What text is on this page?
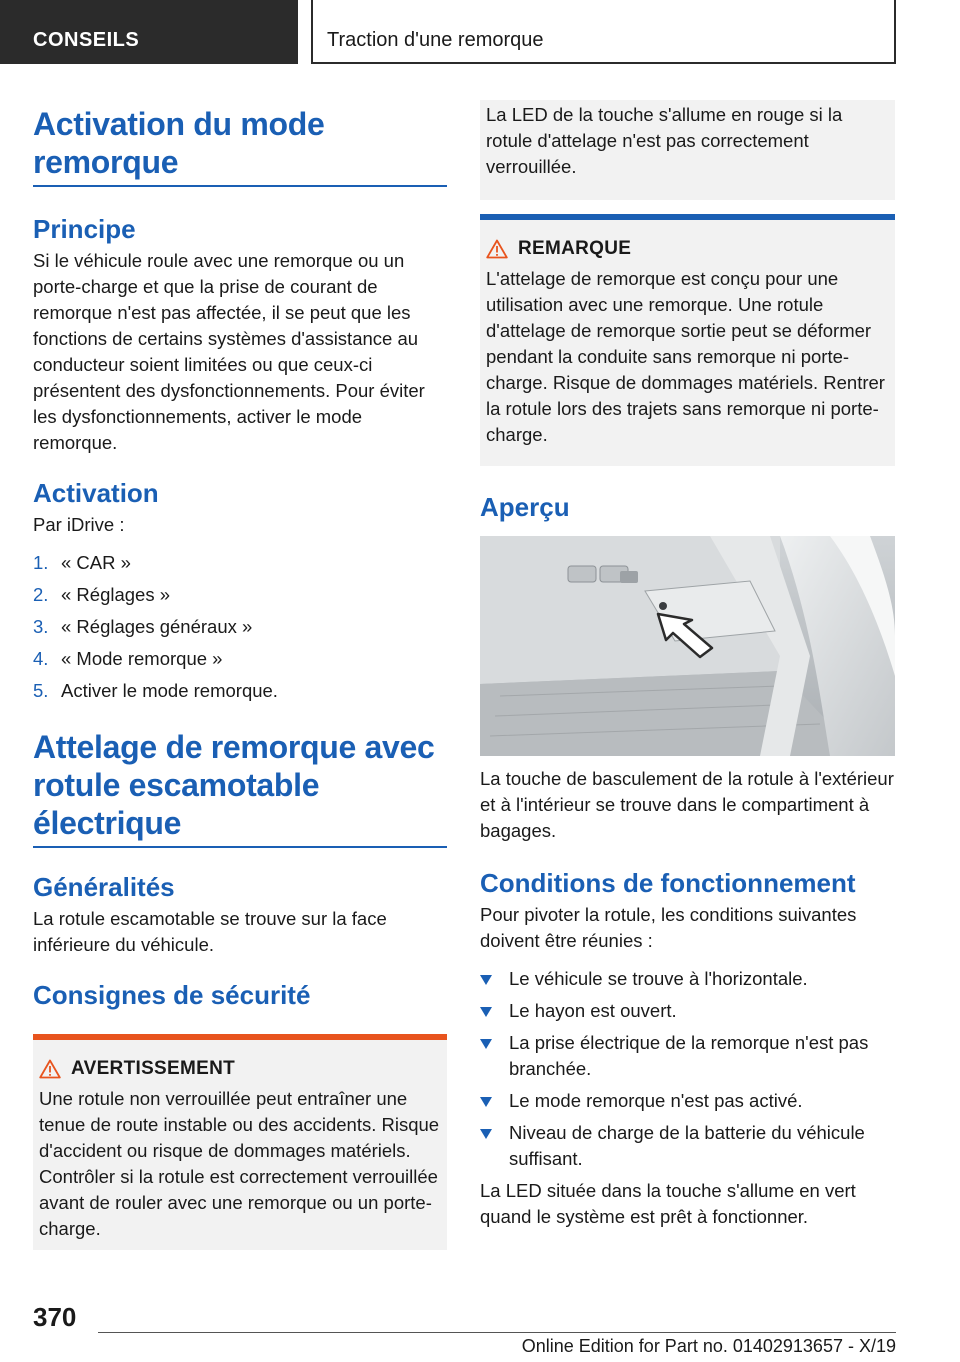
CONSEILS	Traction d'une remorque
Activation du mode remorque
Principe

Si le véhicule roule avec une remorque ou un porte-charge et que la prise de courant de remorque n'est pas affectée, il se peut que les fonctions de certains systèmes d'assistance au conducteur soient limitées ou que ceux-ci présentent des dysfonctionnements. Pour éviter les dysfonctionnements, activer le mode remorque.

Activation

Par iDrive :

1. « CAR »
2. « Réglages »
3. « Réglages généraux »
4. « Mode remorque »
5. Activer le mode remorque.
Attelage de remorque avec rotule escamotable électrique
Généralités

La rotule escamotable se trouve sur la face inférieure du véhicule.

Consignes de sécurité
AVERTISSEMENT

Une rotule non verrouillée peut entraîner une tenue de route instable ou des accidents. Risque d'accident ou risque de dommages matériels. Contrôler si la rotule est correctement verrouillée avant de rouler avec une remorque ou un porte-charge.

La LED de la touche s'allume en rouge si la rotule d'attelage n'est pas correctement verrouillée.

REMARQUE

L'attelage de remorque est conçu pour une utilisation avec une remorque. Une rotule d'attelage de remorque sortie peut se déformer pendant la conduite sans remorque ni porte-charge. Risque de dommages matériels. Rentrer la rotule lors des trajets sans remorque ni porte-charge.

Aperçu

La touche de basculement de la rotule à l'extérieur et à l'intérieur se trouve dans le compartiment à bagages.

Conditions de fonctionnement

Pour pivoter la rotule, les conditions suivantes doivent être réunies :

Le véhicule se trouve à l'horizontale.
Le hayon est ouvert.
La prise électrique de la remorque n'est pas branchée.
Le mode remorque n'est pas activé.
Niveau de charge de la batterie du véhicule suffisant.

La LED située dans la touche s'allume en vert quand le système est prêt à fonctionner.

370
Online Edition for Part no. 01402913657 - X/19
